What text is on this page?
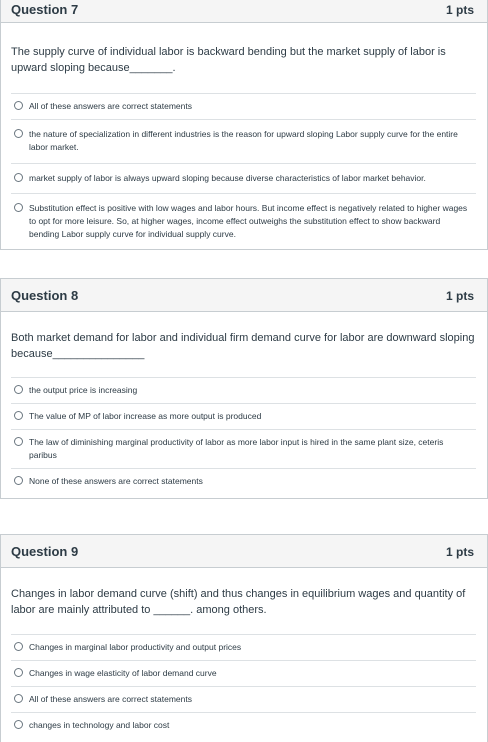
Question 7	1 pts
The supply curve of individual labor is backward bending but the market supply of labor is upward sloping because_______.
All of these answers are correct statements
the nature of specialization in different industries is the reason for upward sloping Labor supply curve for the entire labor market.
market supply of labor is always upward sloping because diverse characteristics of labor market behavior.
Substitution effect is positive with low wages and labor hours. But income effect is negatively related to higher wages to opt for more leisure. So, at higher wages, income effect outweighs the substitution effect to show backward bending Labor supply curve for individual supply curve.
Question 8	1 pts
Both market demand for labor and individual firm demand curve for labor are downward sloping because_______________
the output price is increasing
The value of MP of labor increase as more output is produced
The law of diminishing marginal productivity of labor as more labor input is hired in the same plant size, ceteris paribus
None of these answers are correct statements
Question 9	1 pts
Changes in labor demand curve (shift) and thus changes in equilibrium wages and quantity of labor are mainly attributed to ______. among others.
Changes in marginal labor productivity and output prices
Changes in wage elasticity of labor demand curve
All of these answers are correct statements
changes in technology and labor cost
